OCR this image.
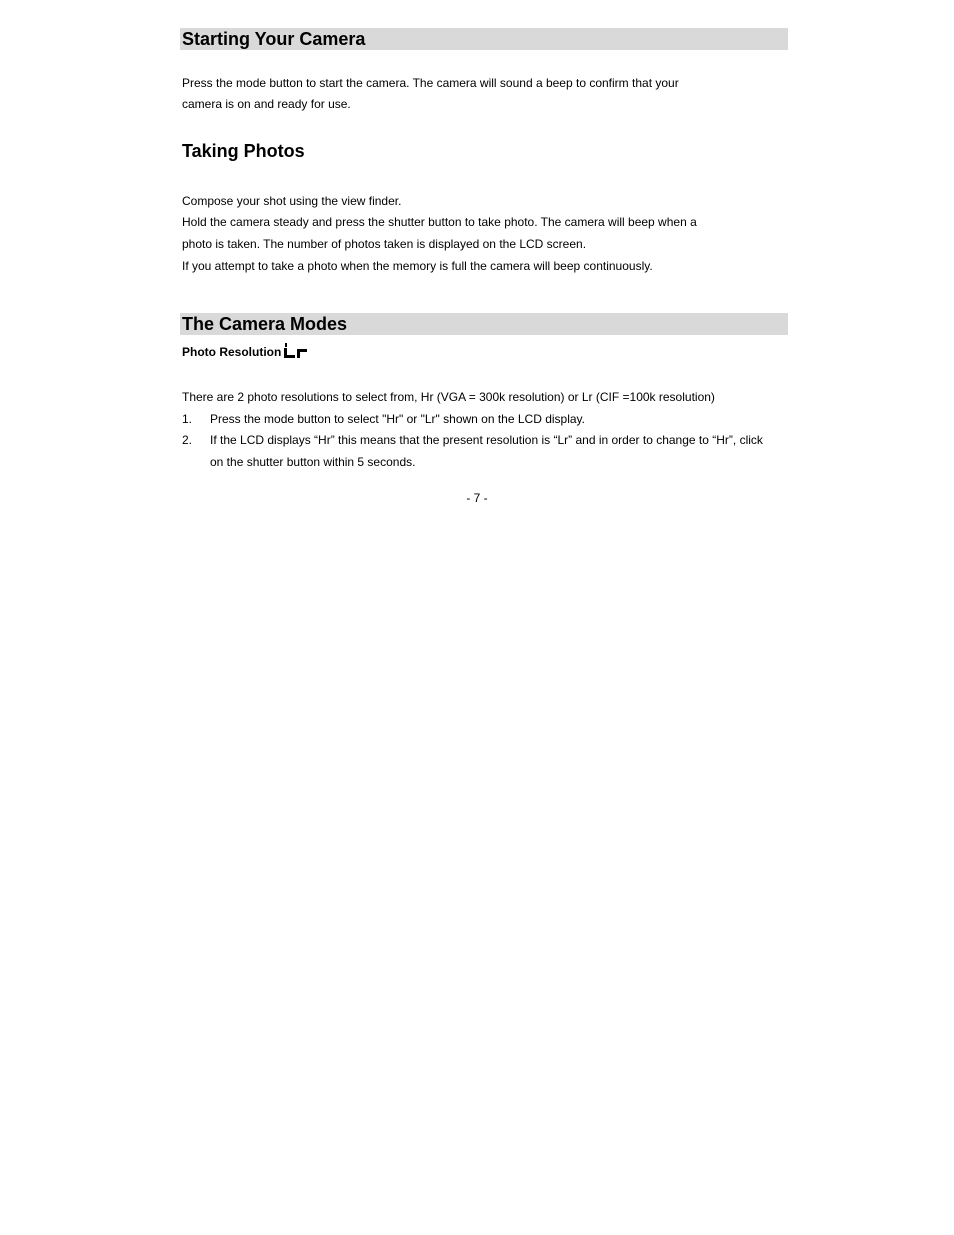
Starting Your Camera
Press the mode button to start the camera. The camera will sound a beep to confirm that your
camera is on and ready for use.
Taking Photos
Compose your shot using the view finder.
Hold the camera steady and press the shutter button to take photo. The camera will beep when a
photo is taken. The number of photos taken is displayed on the LCD screen.
If you attempt to take a photo when the memory is full the camera will beep continuously.
The Camera Modes
Photo Resolution
There are 2 photo resolutions to select from, Hr (VGA = 300k resolution) or Lr (CIF =100k resolution)
1. Press the mode button to select "Hr" or "Lr" shown on the LCD display.
2. If the LCD displays “Hr” this means that the present resolution is “Lr” and in order to change to “Hr”, click
on the shutter button within 5 seconds.
- 7 -
